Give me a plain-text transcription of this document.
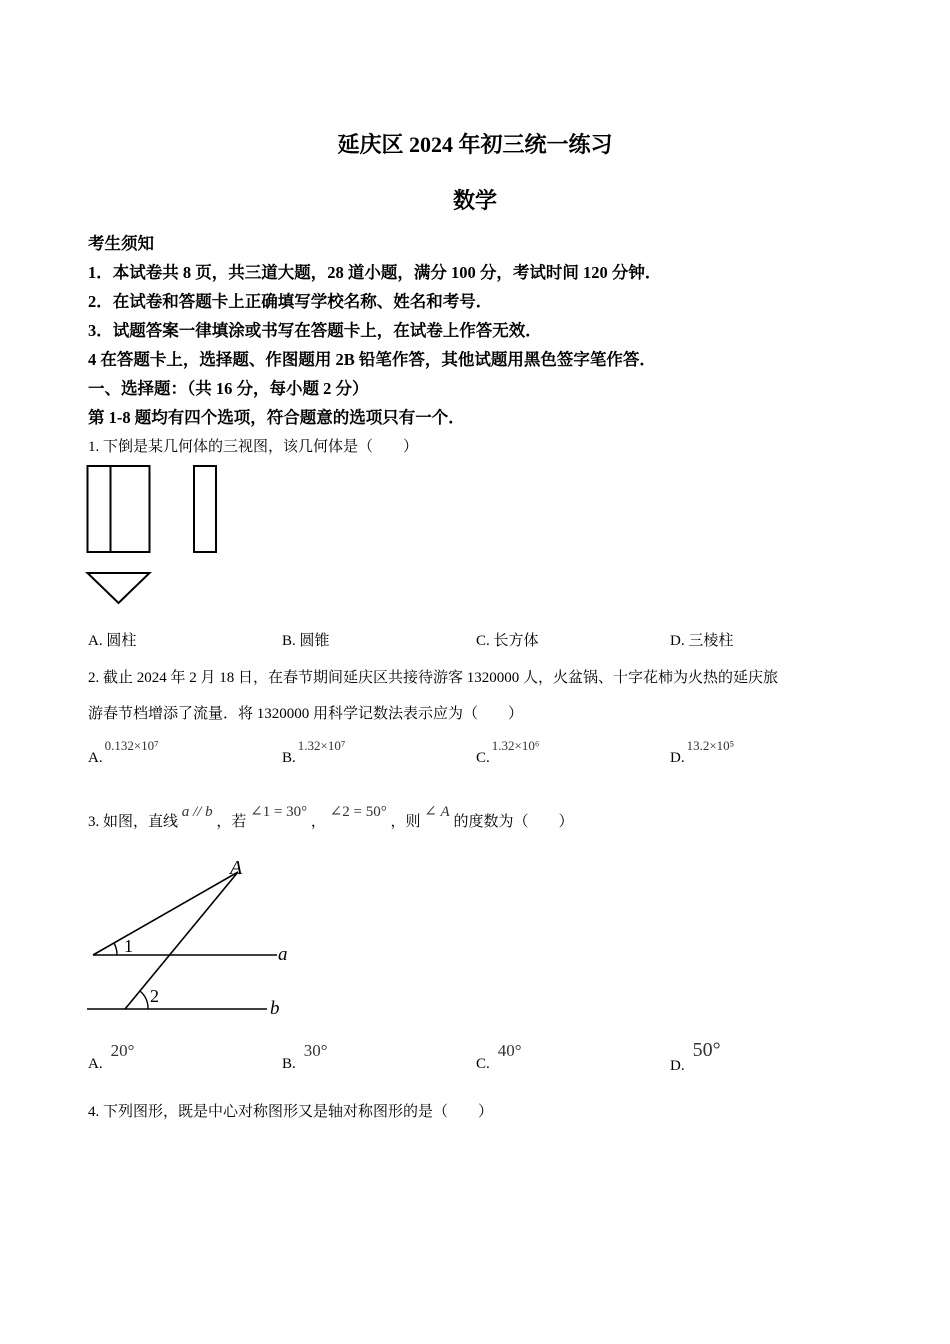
延庆区 2024 年初三统一练习
数学
考生须知
1．本试卷共 8 页，共三道大题，28 道小题，满分 100 分，考试时间 120 分钟．
2．在试卷和答题卡上正确填写学校名称、姓名和考号．
3．试题答案一律填涂或书写在答题卡上，在试卷上作答无效．
4 在答题卡上，选择题、作图题用 2B 铅笔作答，其他试题用黑色签字笔作答．
一、选择题：（共 16 分，每小题 2 分）
第 1-8 题均有四个选项，符合题意的选项只有一个．
1. 下倒是某几何体的三视图，该几何体是（　　）
A. 圆柱	B. 圆锥	C. 长方体	D. 三棱柱
2. 截止 2024 年 2 月 18 日，在春节期间延庆区共接待游客 1320000 人，火盆锅、十字花柿为火热的延庆旅
游春节档增添了流量．将 1320000 用科学记数法表示应为（　　）
A.0.132×10⁷
B.1.32×10⁷
C.1.32×10⁶
D.13.2×10⁵
3. 如图，直线 a // b ，若 ∠1 = 30° ， ∠2 = 50° ，则 ∠ A 的度数为（　　）
A
1
2
a
b
A.20°
B.30°
C.40°
D.50°
4. 下列图形，既是中心对称图形又是轴对称图形的是（　　）
